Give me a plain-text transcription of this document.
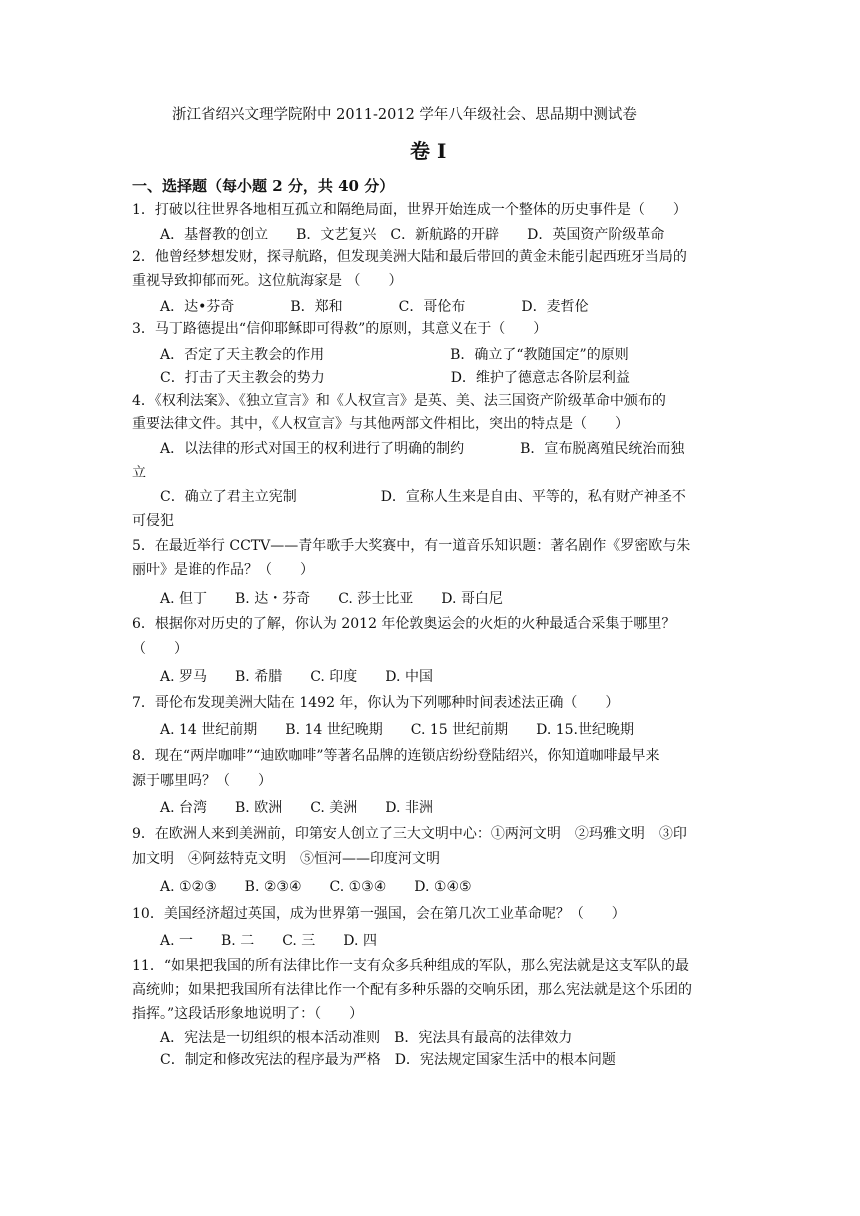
浙江省绍兴文理学院附中 2011-2012 学年八年级社会、思品期中测试卷
卷 I
一、选择题（每小题 2 分，共 40 分）
1．打破以往世界各地相互孤立和隔绝局面，世界开始连成一个整体的历史事件是（　　）
A．基督教的创立　　B．文艺复兴　C．新航路的开辟　　D．英国资产阶级革命
2．他曾经梦想发财，探寻航路，但发现美洲大陆和最后带回的黄金未能引起西班牙当局的
重视导致抑郁而死。这位航海家是 （　　）
A．达•芬奇　　　　B．郑和　　　　C．哥伦布　　　　D．麦哲伦
3．马丁路德提出“信仰耶稣即可得救”的原则，其意义在于（　　）
A．否定了天主教会的作用　　　　　　　　　B．确立了“教随国定”的原则
C．打击了天主教会的势力　　　　　　　　　D．维护了德意志各阶层利益
4．《权利法案》、《独立宣言》和《人权宣言》是英、美、法三国资产阶级革命中颁布的
重要法律文件。其中，《人权宣言》与其他两部文件相比，突出的特点是（　　）
A．以法律的形式对国王的权利进行了明确的制约　　　　B．宣布脱离殖民统治而独
立
C．确立了君主立宪制　　　　　　D．宣称人生来是自由、平等的，私有财产神圣不
可侵犯
5．在最近举行 CCTV——青年歌手大奖赛中，有一道音乐知识题：著名剧作《罗密欧与朱
丽叶》是谁的作品？（　　）
A. 但丁　　B. 达・芬奇　　C. 莎士比亚　　D. 哥白尼
6．根据你对历史的了解，你认为 2012 年伦敦奥运会的火炬的火种最适合采集于哪里？
（　　）
A. 罗马　　B. 希腊　　C. 印度　　D. 中国
7．哥伦布发现美洲大陆在 1492 年，你认为下列哪种时间表述法正确（　　）
A. 14 世纪前期　　B. 14 世纪晚期　　C. 15 世纪前期　　D. 15.世纪晚期
8．现在“两岸咖啡”“迪欧咖啡”等著名品牌的连锁店纷纷登陆绍兴，你知道咖啡最早来
源于哪里吗？（　　）
A. 台湾　　B. 欧洲　　C. 美洲　　D. 非洲
9．在欧洲人来到美洲前，印第安人创立了三大文明中心：①两河文明　②玛雅文明　③印
加文明　④阿兹特克文明　⑤恒河——印度河文明
A. ①②③　　B. ②③④　　C. ①③④　　D. ①④⑤
10．美国经济超过英国，成为世界第一强国，会在第几次工业革命呢？（　　）
A. 一　　B. 二　　C. 三　　D. 四
11．“如果把我国的所有法律比作一支有众多兵种组成的军队，那么宪法就是这支军队的最
高统帅；如果把我国所有法律比作一个配有多种乐器的交响乐团，那么宪法就是这个乐团的
指挥。”这段话形象地说明了：（　　）
A．宪法是一切组织的根本活动准则　B．宪法具有最高的法律效力
C．制定和修改宪法的程序最为严格　D．宪法规定国家生活中的根本问题
